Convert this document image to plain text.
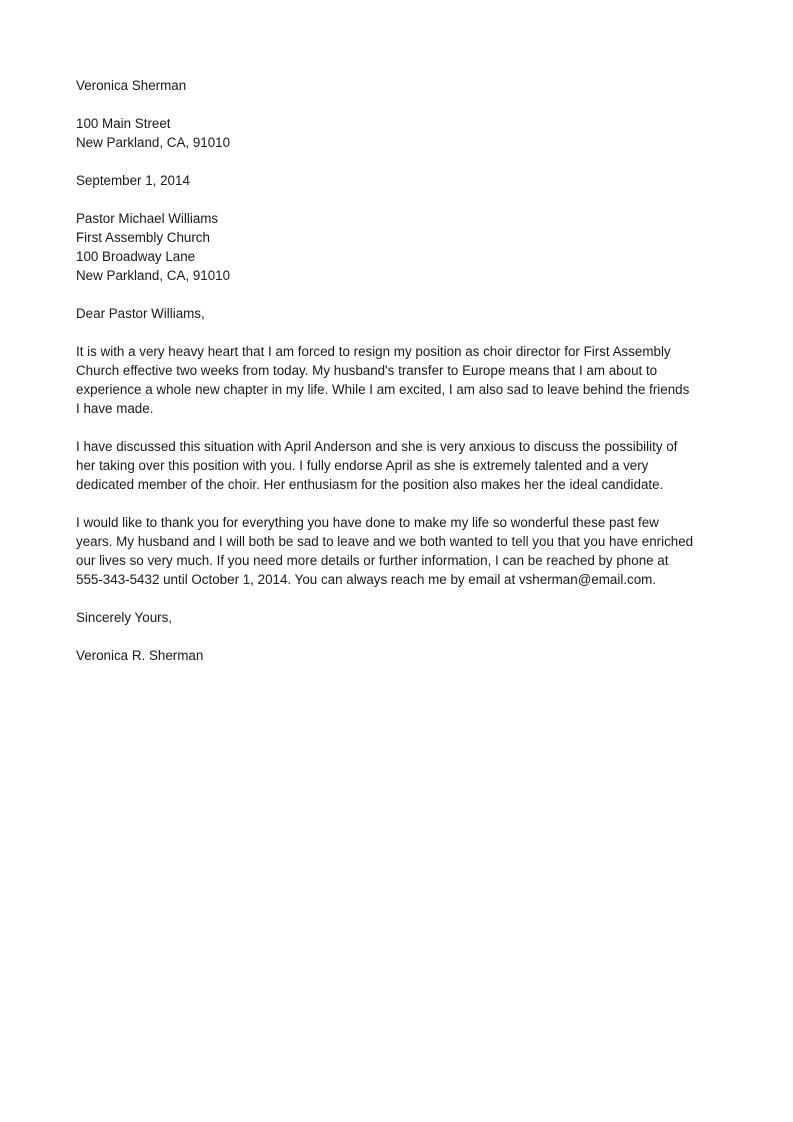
Veronica Sherman
100 Main Street
New Parkland, CA, 91010
September 1, 2014
Pastor Michael Williams
First Assembly Church
100 Broadway Lane
New Parkland, CA, 91010
Dear Pastor Williams,
It is with a very heavy heart that I am forced to resign my position as choir director for First Assembly
Church effective two weeks from today. My husband's transfer to Europe means that I am about to
experience a whole new chapter in my life. While I am excited, I am also sad to leave behind the friends
I have made.
I have discussed this situation with April Anderson and she is very anxious to discuss the possibility of
her taking over this position with you. I fully endorse April as she is extremely talented and a very
dedicated member of the choir. Her enthusiasm for the position also makes her the ideal candidate.
I would like to thank you for everything you have done to make my life so wonderful these past few
years. My husband and I will both be sad to leave and we both wanted to tell you that you have enriched
our lives so very much. If you need more details or further information, I can be reached by phone at
555-343-5432 until October 1, 2014. You can always reach me by email at vsherman@email.com.
Sincerely Yours,
Veronica R. Sherman
